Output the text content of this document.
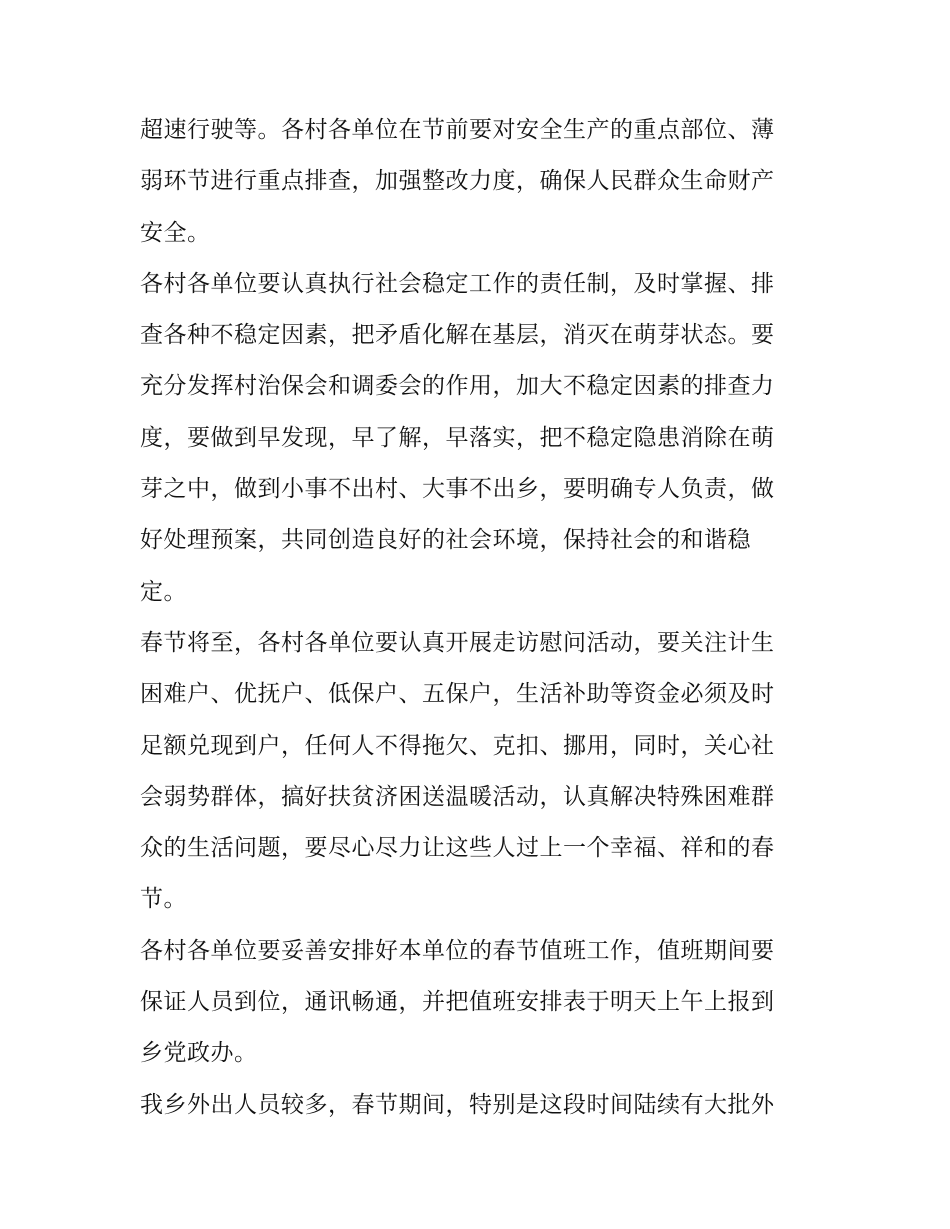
超速行驶等。各村各单位在节前要对安全生产的重点部位、薄
弱环节进行重点排查，加强整改力度，确保人民群众生命财产
安全。
各村各单位要认真执行社会稳定工作的责任制，及时掌握、排
查各种不稳定因素，把矛盾化解在基层，消灭在萌芽状态。要
充分发挥村治保会和调委会的作用，加大不稳定因素的排查力
度，要做到早发现，早了解，早落实，把不稳定隐患消除在萌
芽之中，做到小事不出村、大事不出乡，要明确专人负责，做
好处理预案，共同创造良好的社会环境，保持社会的和谐稳
定。
春节将至，各村各单位要认真开展走访慰问活动，要关注计生
困难户、优抚户、低保户、五保户，生活补助等资金必须及时
足额兑现到户，任何人不得拖欠、克扣、挪用，同时，关心社
会弱势群体，搞好扶贫济困送温暖活动，认真解决特殊困难群
众的生活问题，要尽心尽力让这些人过上一个幸福、祥和的春
节。
各村各单位要妥善安排好本单位的春节值班工作，值班期间要
保证人员到位，通讯畅通，并把值班安排表于明天上午上报到
乡党政办。
我乡外出人员较多，春节期间，特别是这段时间陆续有大批外
